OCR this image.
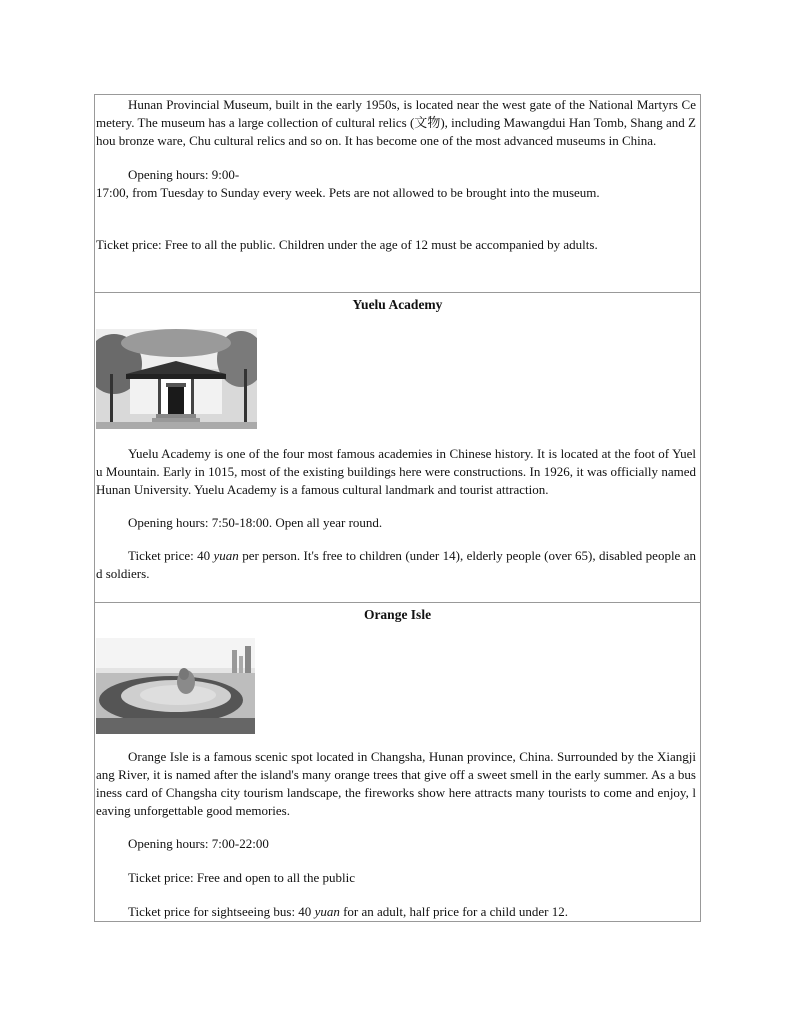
Hunan Provincial Museum, built in the early 1950s, is located near the west gate of the National Martyrs Cemetery. The museum has a large collection of cultural relics (文物), including Mawangdui Han Tomb, Shang and Zhou bronze ware, Chu cultural relics and so on. It has become one of the most advanced museums in China.

Opening hours: 9:00-

17:00, from Tuesday to Sunday every week. Pets are not allowed to be brought into the museum.

Ticket price: Free to all the public. Children under the age of 12 must be accompanied by adults.

Yuelu Academy

Yuelu Academy is one of the four most famous academies in Chinese history. It is located at the foot of Yuelu Mountain. Early in 1015, most of the existing buildings here were constructions. In 1926, it was officially named Hunan University. Yuelu Academy is a famous cultural landmark and tourist attraction.

Opening hours: 7:50-18:00. Open all year round.

Ticket price: 40 yuan per person. It's free to children (under 14), elderly people (over 65), disabled people and soldiers.

Orange Isle

Orange Isle is a famous scenic spot located in Changsha, Hunan province, China. Surrounded by the Xiangjiang River, it is named after the island's many orange trees that give off a sweet smell in the early summer. As a business card of Changsha city tourism landscape, the fireworks show here attracts many tourists to come and enjoy, leaving unforgettable good memories.

Opening hours: 7:00-22:00

Ticket price: Free and open to all the public

Ticket price for sightseeing bus: 40 yuan for an adult, half price for a child under 12.
